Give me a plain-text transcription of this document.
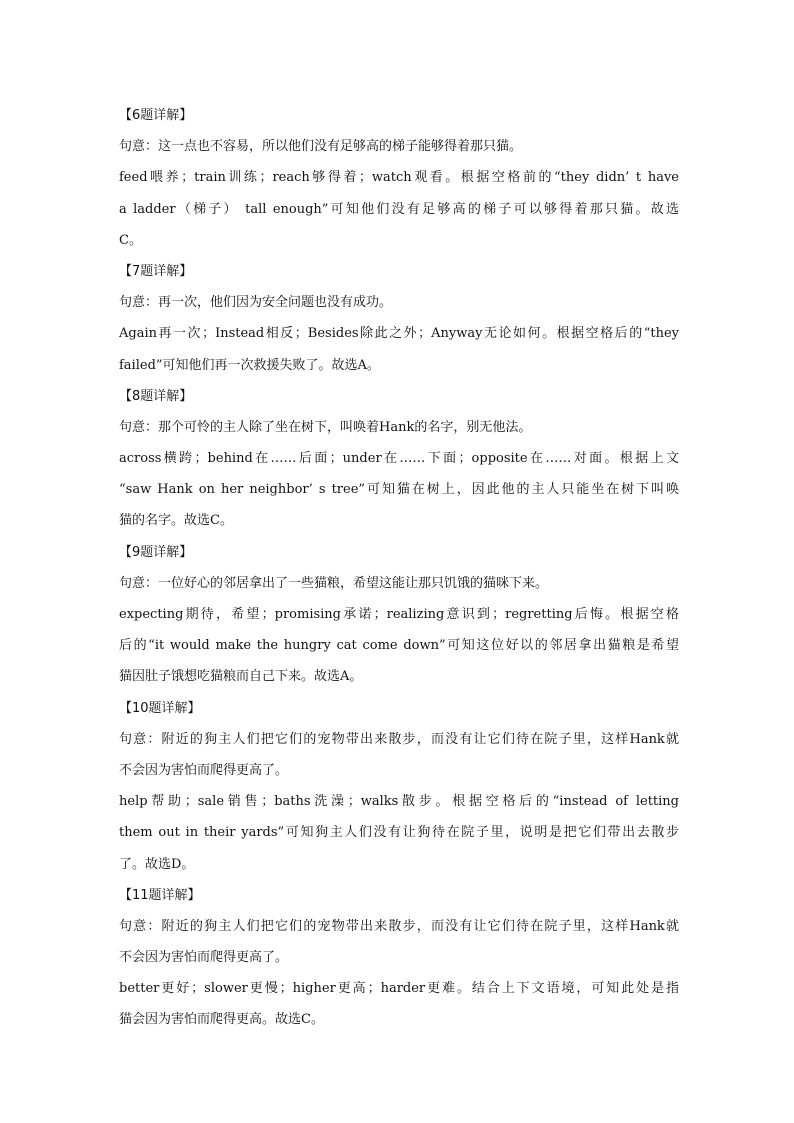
【6题详解】
句意：这一点也不容易，所以他们没有足够高的梯子能够得着那只猫。
feed喂养；train训练；reach够得着；watch观看。根据空格前的“they didn’ t have
a ladder（梯子） tall enough”可知他们没有足够高的梯子可以够得着那只猫。故选
C。
【7题详解】
句意：再一次，他们因为安全问题也没有成功。
Again再一次；Instead相反；Besides除此之外；Anyway无论如何。根据空格后的“they
failed”可知他们再一次救援失败了。故选A。
【8题详解】
句意：那个可怜的主人除了坐在树下，叫唤着Hank的名字，别无他法。
across横跨；behind在……后面；under在……下面；opposite在……对面。根据上文
“saw Hank on her neighbor’ s tree”可知猫在树上，因此他的主人只能坐在树下叫唤
猫的名字。故选C。
【9题详解】
句意：一位好心的邻居拿出了一些猫粮，希望这能让那只饥饿的猫咪下来。
expecting期待，希望；promising承诺；realizing意识到；regretting后悔。根据空格
后的“it would make the hungry cat come down”可知这位好以的邻居拿出猫粮是希望
猫因肚子饿想吃猫粮而自己下来。故选A。
【10题详解】
句意：附近的狗主人们把它们的宠物带出来散步，而没有让它们待在院子里，这样Hank就
不会因为害怕而爬得更高了。
help帮助；sale销售；baths洗澡；walks散步。根据空格后的“instead of letting
them out in their yards”可知狗主人们没有让狗待在院子里，说明是把它们带出去散步
了。故选D。
【11题详解】
句意：附近的狗主人们把它们的宠物带出来散步，而没有让它们待在院子里，这样Hank就
不会因为害怕而爬得更高了。
better更好；slower更慢；higher更高；harder更难。结合上下文语境，可知此处是指
猫会因为害怕而爬得更高。故选C。
